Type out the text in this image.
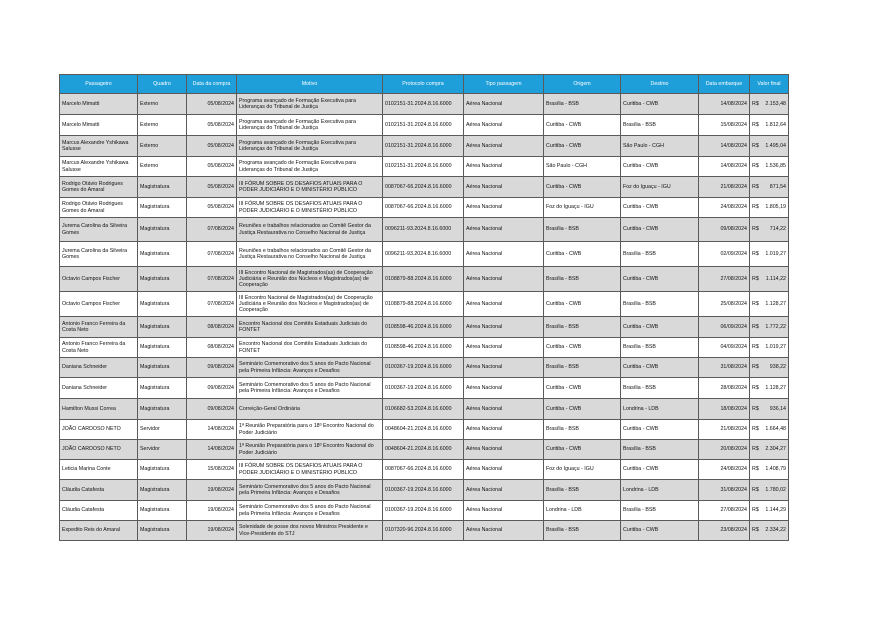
Passageiro	Quadro	Data da compra	Motivo	Protocolo compra	Tipo passagem	Origem	Destino	Data embarque	Valor final
Marcelo Mimatti	Externo	05/08/2024	Programa avançado de Formação Executiva para Lideranças do Tribunal de Justiça	0102151-31.2024.8.16.6000	Aérea Nacional	Brasília - BSB	Curitiba - CWB	14/08/2024	R$ 2.153,48

Marcelo Mimatti	Externo	05/08/2024	Programa avançado de Formação Executiva para Lideranças do Tribunal de Justiça	0102151-31.2024.8.16.6000	Aérea Nacional	Curitiba - CWB	Brasília - BSB	15/08/2024	R$ 1.812,64

Marcus Alexandre Yshikawa Salusse	Externo	05/08/2024	Programa avançado de Formação Executiva para Lideranças do Tribunal de Justiça	0102151-31.2024.8.16.6000	Aérea Nacional	Curitiba - CWB	São Paulo - CGH	14/08/2024	R$ 1.495,04

Marcus Alexandre Yshikawa Salusse	Externo	05/08/2024	Programa avançado de Formação Executiva para Lideranças do Tribunal de Justiça	0102151-31.2024.8.16.6000	Aérea Nacional	São Paulo - CGH	Curitiba - CWB	14/08/2024	R$ 1.536,85

Rodrigo Otávio Rodrigues Gomes do Amaral	Magistratura	05/08/2024	III FÓRUM SOBRE OS DESAFIOS ATUAIS PARA O PODER JUDICIÁRIO E O MINISTÉRIO PÚBLICO	0087067-66.2024.8.16.6000	Aérea Nacional	Curitiba - CWB	Foz do Iguaçu - IGU	21/08/2024	R$ 871,54

Rodrigo Otávio Rodrigues Gomes do Amaral	Magistratura	05/08/2024	III FÓRUM SOBRE OS DESAFIOS ATUAIS PARA O PODER JUDICIÁRIO E O MINISTÉRIO PÚBLICO	0087067-66.2024.8.16.6000	Aérea Nacional	Foz do Iguaçu - IGU	Curitiba - CWB	24/08/2024	R$ 1.805,19

Jurema Carolina da Silveira Gomes	Magistratura	07/08/2024	Reuniões e trabalhos relacionados ao Comitê Gestor da Justiça Restaurativa no Conselho Nacional de Justiça	0096211-93.2024.8.16.6000	Aérea Nacional	Brasília - BSB	Curitiba - CWB	09/08/2024	R$ 714,22

Jurema Carolina da Silveira Gomes	Magistratura	07/08/2024	Reuniões e trabalhos relacionados ao Comitê Gestor da Justiça Restaurativa no Conselho Nacional de Justiça	0096211-93.2024.8.16.6000	Aérea Nacional	Curitiba - CWB	Brasília - BSB	02/09/2024	R$ 1.019,27

Octavio Campos Fischer	Magistratura	07/08/2024	III Encontro Nacional de Magistrados(as) de Cooperação Judiciária e Reunião dos Núcleos e Magistrados(as) de Cooperação	0108879-88.2024.8.16.6000	Aérea Nacional	Brasília - BSB	Curitiba - CWB	27/08/2024	R$ 1.114,22

Octavio Campos Fischer	Magistratura	07/08/2024	III Encontro Nacional de Magistrados(as) de Cooperação Judiciária e Reunião dos Núcleos e Magistrados(as) de Cooperação	0108879-88.2024.8.16.6000	Aérea Nacional	Curitiba - CWB	Brasília - BSB	25/08/2024	R$ 1.128,27

Antonio Franco Ferreira da Costa Neto	Magistratura	08/08/2024	Encontro Nacional dos Comitês Estaduais Judiciais do FONTET	0108598-46.2024.8.16.6000	Aérea Nacional	Brasília - BSB	Curitiba - CWB	06/09/2024	R$ 1.772,22

Antonio Franco Ferreira da Costa Neto	Magistratura	08/08/2024	Encontro Nacional dos Comitês Estaduais Judiciais do FONTET	0108598-46.2024.8.16.6000	Aérea Nacional	Curitiba - CWB	Brasília - BSB	04/09/2024	R$ 1.019,27

Daniana Schneider	Magistratura	09/08/2024	Seminário Comemorativo dos 5 anos do Pacto Nacional pela Primeira Infância: Avanços e Desafios	0100367-19.2024.8.16.6000	Aérea Nacional	Brasília - BSB	Curitiba - CWB	31/08/2024	R$ 938,22

Daniana Schneider	Magistratura	09/08/2024	Seminário Comemorativo dos 5 anos do Pacto Nacional pela Primeira Infância: Avanços e Desafios	0100367-19.2024.8.16.6000	Aérea Nacional	Curitiba - CWB	Brasília - BSB	28/08/2024	R$ 1.128,27

Hamilton Mussi Correa	Magistratura	09/08/2024	Correição-Geral Ordinária	0106682-53.2024.8.16.6000	Aérea Nacional	Curitiba - CWB	Londrina - LDB	18/08/2024	R$ 936,14

JOÃO CARDOSO NETO	Servidor	14/08/2024	1ª Reunião Preparatória para o 18º Encontro Nacional do Poder Judiciário	0048604-21.2024.8.16.6000	Aérea Nacional	Brasília - BSB	Curitiba - CWB	21/08/2024	R$ 1.664,48

JOÃO CARDOSO NETO	Servidor	14/08/2024	1ª Reunião Preparatória para o 18º Encontro Nacional do Poder Judiciário	0048604-21.2024.8.16.6000	Aérea Nacional	Curitiba - CWB	Brasília - BSB	20/08/2024	R$ 2.304,27

Leticia Marina Conte	Magistratura	15/08/2024	III FÓRUM SOBRE OS DESAFIOS ATUAIS PARA O PODER JUDICIÁRIO E O MINISTÉRIO PÚBLICO	0087067-66.2024.8.16.6000	Aérea Nacional	Foz do Iguaçu - IGU	Curitiba - CWB	24/08/2024	R$ 1.408,79

Cláudia Catafesta	Magistratura	19/08/2024	Seminário Comemorativo dos 5 anos do Pacto Nacional pela Primeira Infância: Avanços e Desafios	0100367-19.2024.8.16.6000	Aérea Nacional	Brasília - BSB	Londrina - LDB	31/08/2024	R$ 1.780,02

Cláudia Catafesta	Magistratura	19/08/2024	Seminário Comemorativo dos 5 anos do Pacto Nacional pela Primeira Infância: Avanços e Desafios	0100367-19.2024.8.16.6000	Aérea Nacional	Londrina - LDB	Brasília - BSB	27/08/2024	R$ 1.144,29

Expedito Reis do Amaral	Magistratura	19/08/2024	Solenidade de posse dos novos Ministros Presidente e Vice-Presidente do STJ	0107320-96.2024.8.16.6000	Aérea Nacional	Brasília - BSB	Curitiba - CWB	23/08/2024	R$ 2.334,22
